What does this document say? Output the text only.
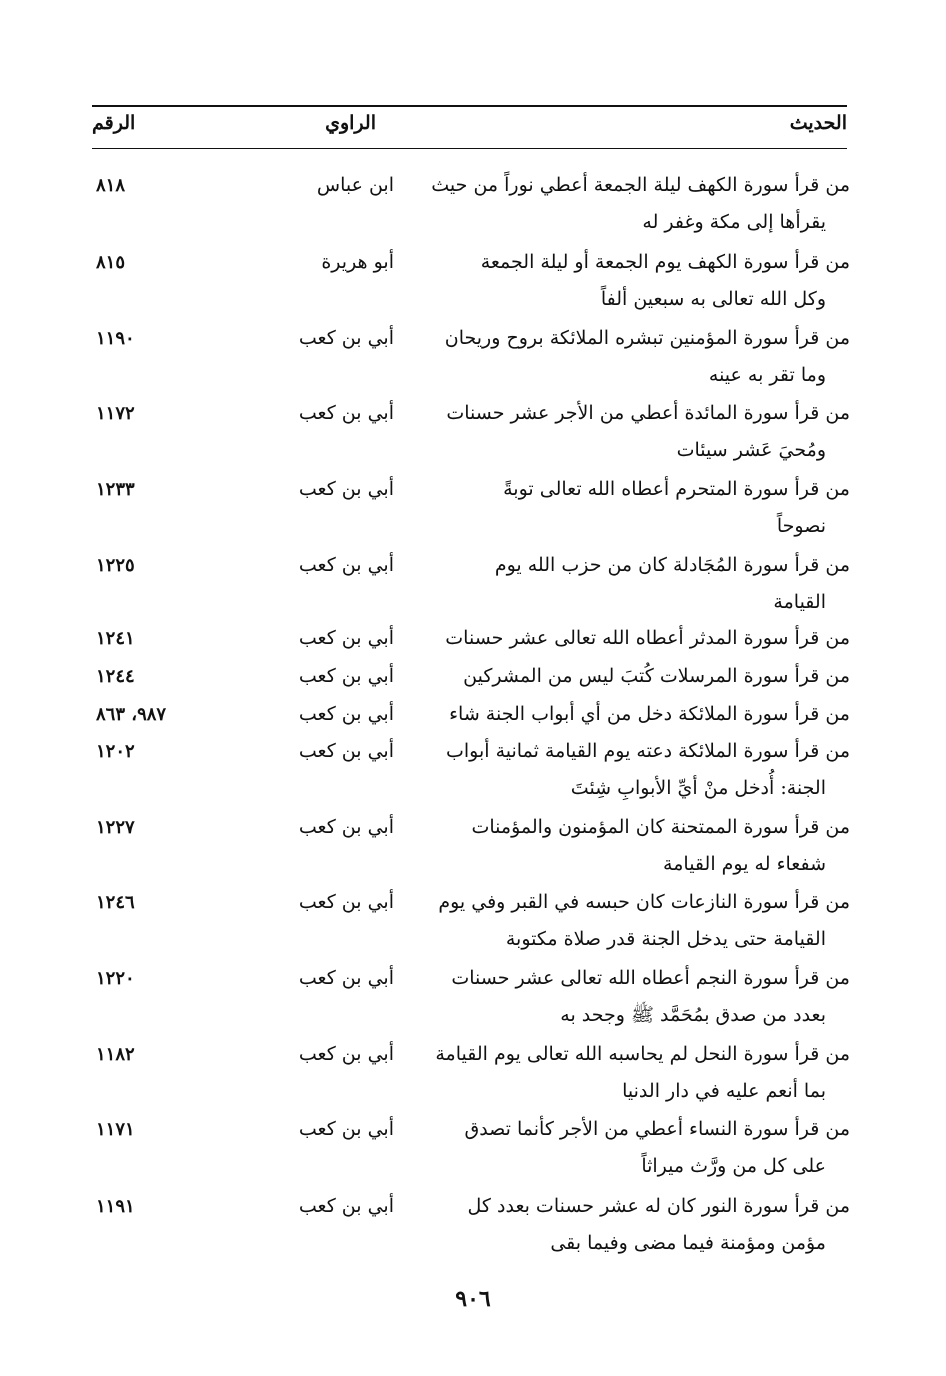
الحديث
الراوي
الرقم
من قرأ سورة الكهف ليلة الجمعة أعطي نوراً من حيث
يقرأها إلى مكة وغفر له
ابن عباس
٨١٨
من قرأ سورة الكهف يوم الجمعة أو ليلة الجمعة
وكل الله تعالى به سبعين ألفاً
أبو هريرة
٨١٥
من قرأ سورة المؤمنين تبشره الملائكة بروح وريحان
وما تقر به عينه
أبي بن كعب
١١٩٠
من قرأ سورة المائدة أعطي من الأجر عشر حسنات
ومُحيَ عَشر سيئات
أبي بن كعب
١١٧٢
من قرأ سورة المتحرم أعطاه الله تعالى توبةً
نصوحاً
أبي بن كعب
١٢٣٣
من قرأ سورة المُجَادلة كان من حزب الله يوم
القيامة
أبي بن كعب
١٢٢٥
من قرأ سورة المدثر أعطاه الله تعالى عشر حسنات
أبي بن كعب
١٢٤١
من قرأ سورة المرسلات كُتبَ ليس من المشركين
أبي بن كعب
١٢٤٤
من قرأ سورة الملائكة دخل من أي أبواب الجنة شاء
أبي بن كعب
٩٨٧، ٨٦٣
من قرأ سورة الملائكة دعته يوم القيامة ثمانية أبواب
الجنة: أُدخل منْ أيِّ الأبوابِ شِئتَ
أبي بن كعب
١٢٠٢
من قرأ سورة الممتحنة كان المؤمنون والمؤمنات
شفعاء له يوم القيامة
أبي بن كعب
١٢٢٧
من قرأ سورة النازعات كان حبسه في القبر وفي يوم
القيامة حتى يدخل الجنة قدر صلاة مكتوبة
أبي بن كعب
١٢٤٦
من قرأ سورة النجم أعطاه الله تعالى عشر حسنات
بعدد من صدق بمُحَمَّد ﷺ وجحد به
أبي بن كعب
١٢٢٠
من قرأ سورة النحل لم يحاسبه الله تعالى يوم القيامة
بما أنعم عليه في دار الدنيا
أبي بن كعب
١١٨٢
من قرأ سورة النساء أعطي من الأجر كأنما تصدق
على كل من ورَّث ميراثاً
أبي بن كعب
١١٧١
من قرأ سورة النور كان له عشر حسنات بعدد كل
مؤمن ومؤمنة فيما مضى وفيما بقى
أبي بن كعب
١١٩١
٩٠٦
